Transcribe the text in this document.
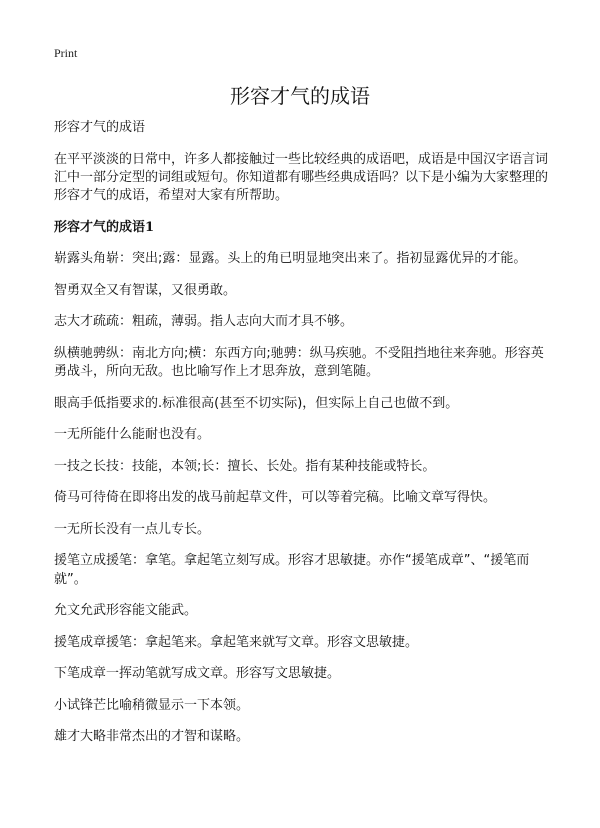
Print
形容才气的成语

形容才气的成语

在平平淡淡的日常中，许多人都接触过一些比较经典的成语吧，成语是中国汉字语言词汇中一部分定型的词组或短句。你知道都有哪些经典成语吗？以下是小编为大家整理的形容才气的成语，希望对大家有所帮助。

形容才气的成语1

崭露头角崭：突出;露：显露。头上的角已明显地突出来了。指初显露优异的才能。

智勇双全又有智谋，又很勇敢。

志大才疏疏：粗疏，薄弱。指人志向大而才具不够。

纵横驰骋纵：南北方向;横：东西方向;驰骋：纵马疾驰。不受阻挡地往来奔驰。形容英勇战斗，所向无敌。也比喻写作上才思奔放，意到笔随。

眼高手低指要求的.标准很高(甚至不切实际)，但实际上自己也做不到。

一无所能什么能耐也没有。

一技之长技：技能，本领;长：擅长、长处。指有某种技能或特长。

倚马可待倚在即将出发的战马前起草文件，可以等着完稿。比喻文章写得快。

一无所长没有一点儿专长。

援笔立成援笔：拿笔。拿起笔立刻写成。形容才思敏捷。亦作“援笔成章”、“援笔而就”。

允文允武形容能文能武。

援笔成章援笔：拿起笔来。拿起笔来就写文章。形容文思敏捷。

下笔成章一挥动笔就写成文章。形容写文思敏捷。

小试锋芒比喻稍微显示一下本领。

雄才大略非常杰出的才智和谋略。
